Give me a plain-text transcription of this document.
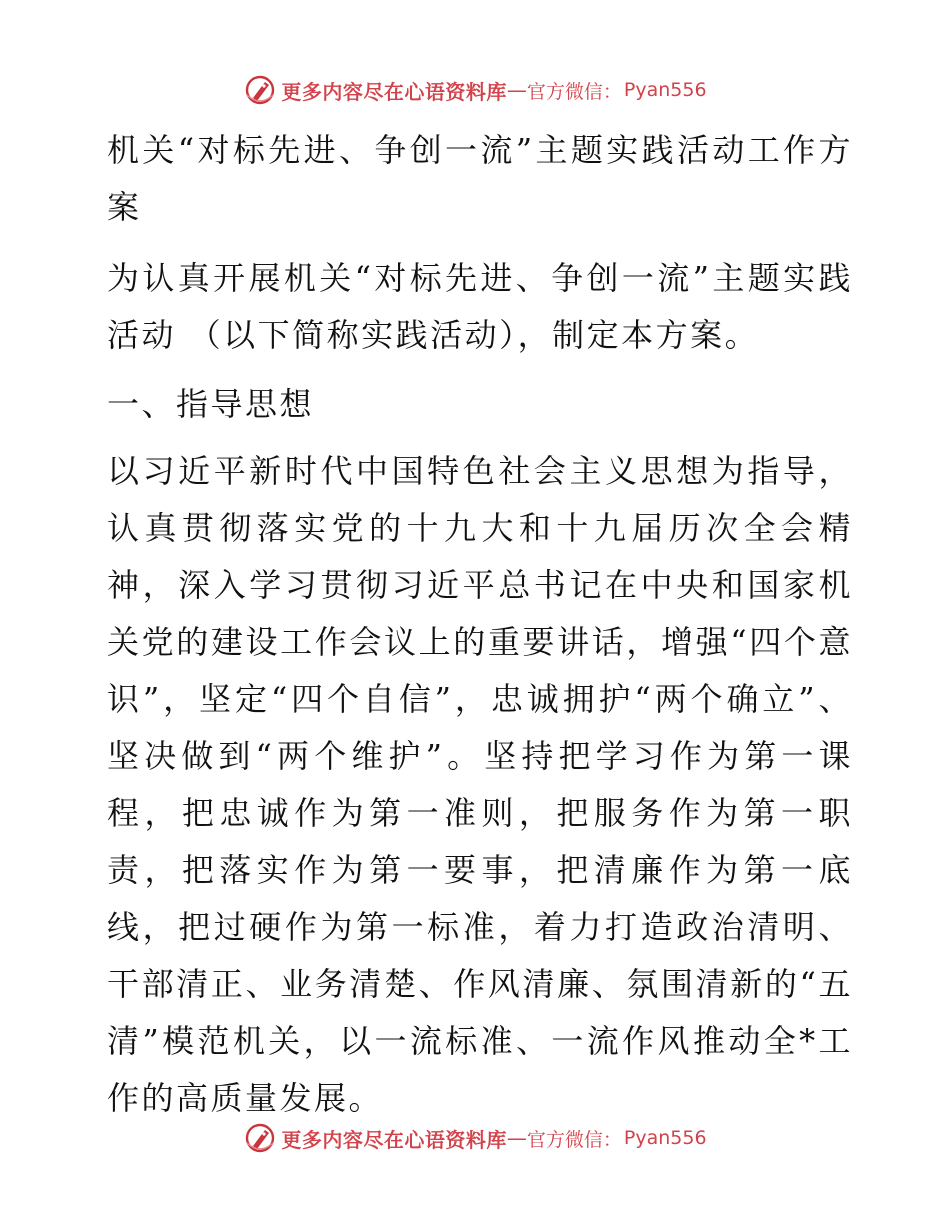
更多内容尽在心语资料库 — 官方微信： Pyan556

机关“对标先进、争创一流”主题实践活动工作方案

为认真开展机关“对标先进、争创一流”主题实践活动 （以下简称实践活动），制定本方案。

一、指导思想

以习近平新时代中国特色社会主义思想为指导，认真贯彻落实党的十九大和十九届历次全会精神，深入学习贯彻习近平总书记在中央和国家机关党的建设工作会议上的重要讲话，增强“四个意识”，坚定“四个自信”，忠诚拥护“两个确立”、坚决做到“两个维护”。坚持把学习作为第一课程，把忠诚作为第一准则，把服务作为第一职责，把落实作为第一要事，把清廉作为第一底线，把过硬作为第一标准，着力打造政治清明、干部清正、业务清楚、作风清廉、氛围清新的“五清”模范机关，以一流标准、一流作风推动全*工作的高质量发展。

更多内容尽在心语资料库 — 官方微信： Pyan556
